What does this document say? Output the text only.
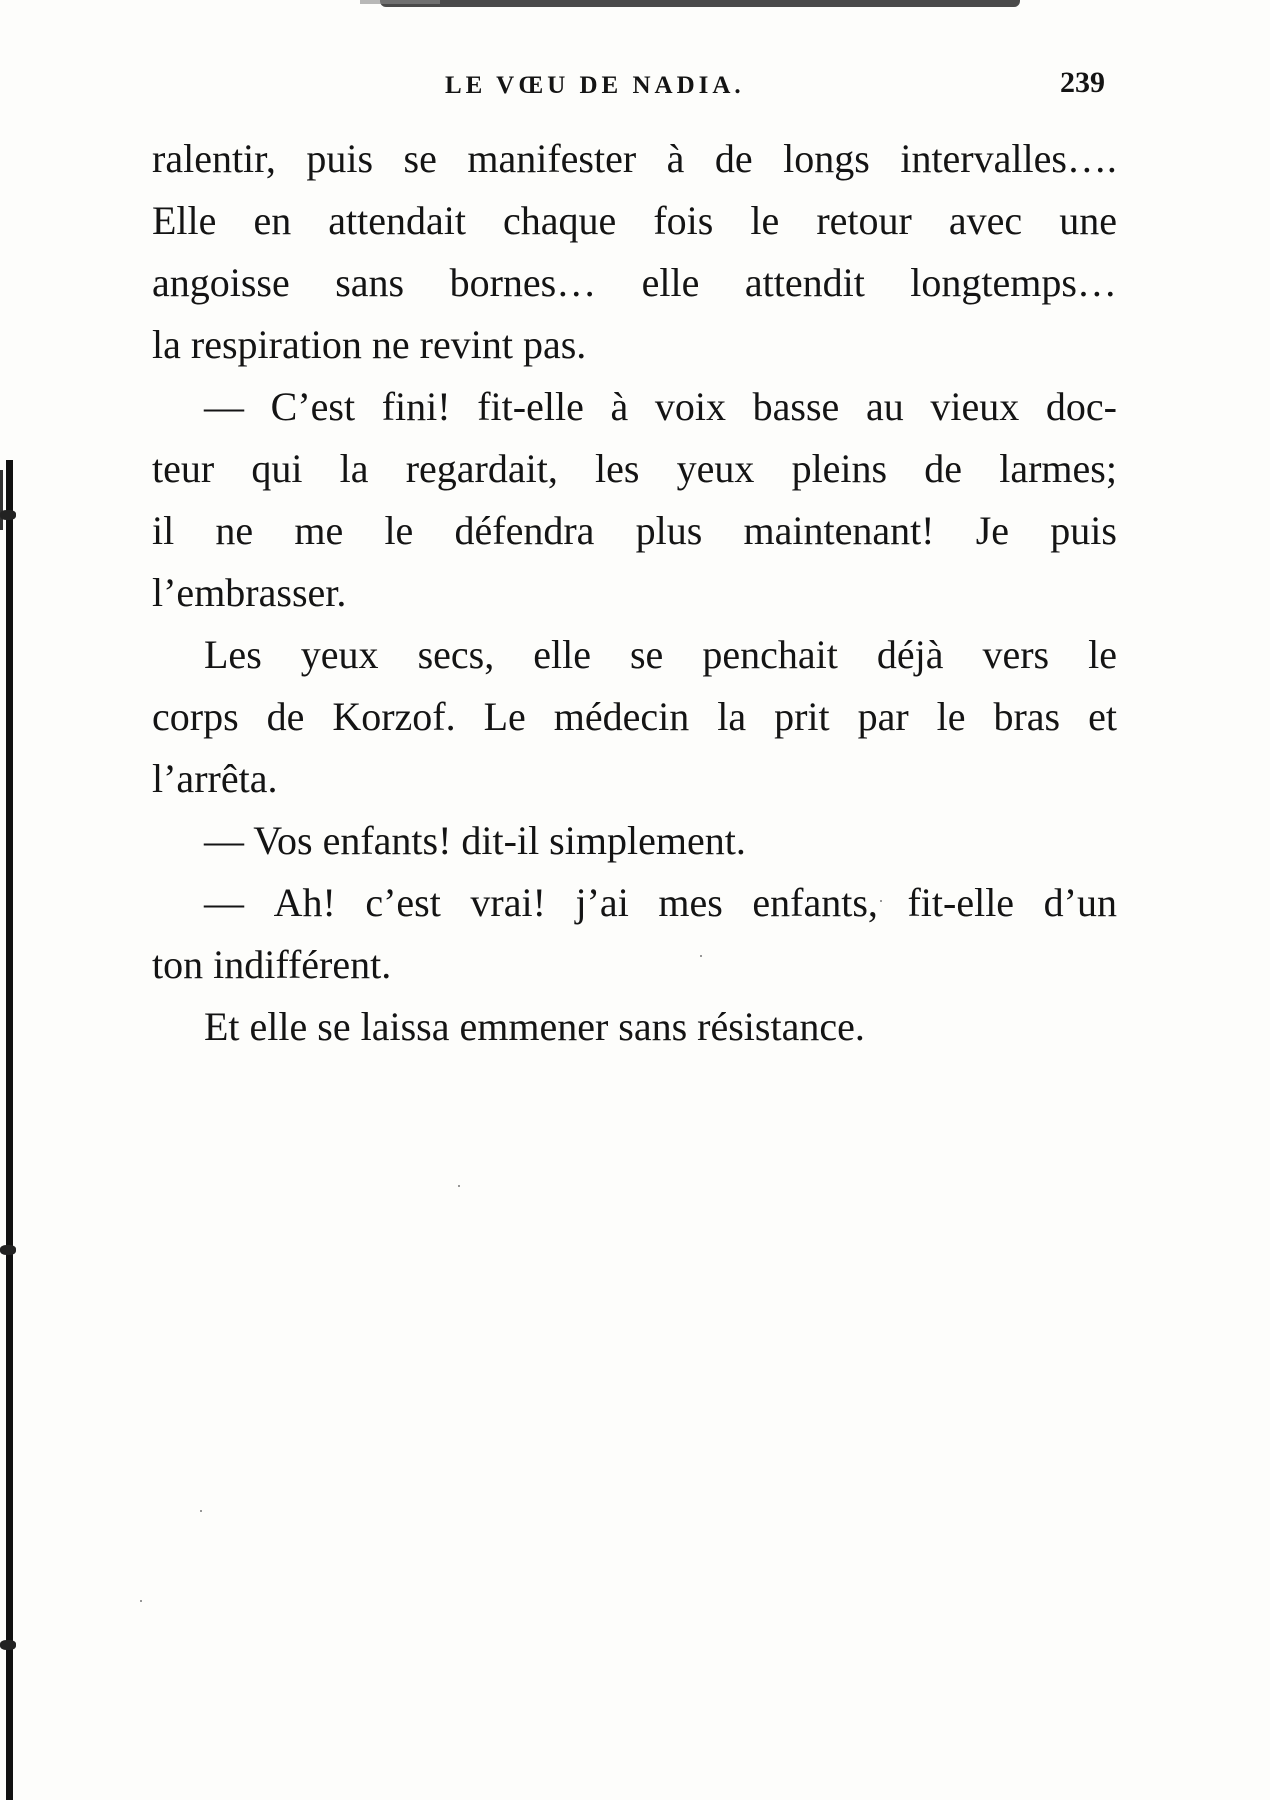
LE VŒU DE NADIA.	239
ralentir, puis se manifester à de longs intervalles….
Elle en attendait chaque fois le retour avec une
angoisse sans bornes… elle attendit longtemps…
la respiration ne revint pas.
— C’est fini! fit-elle à voix basse au vieux doc-
teur qui la regardait, les yeux pleins de larmes;
il ne me le défendra plus maintenant! Je puis
l’embrasser.
Les yeux secs, elle se penchait déjà vers le
corps de Korzof. Le médecin la prit par le bras et
l’arrêta.
— Vos enfants! dit-il simplement.
— Ah! c’est vrai! j’ai mes enfants, fit-elle d’un
ton indifférent.
Et elle se laissa emmener sans résistance.
